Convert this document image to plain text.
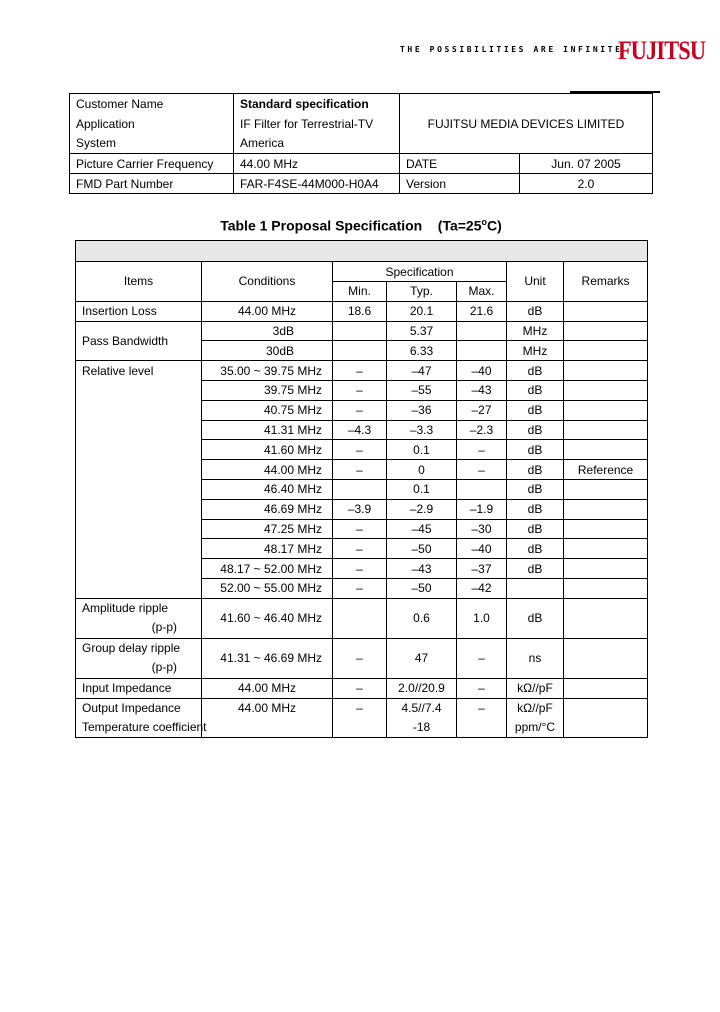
THE POSSIBILITIES ARE INFINITE
FUJITSU
Customer Name	Standard specification	FUJITSU MEDIA DEVICES LIMITED	
Application	IF Filter for Terrestrial-TV		
System	America		
Picture Carrier Frequency	44.00 MHz	DATE	Jun. 07 2005
FMD Part Number	FAR-F4SE-44M000-H0A4	Version	2.0
Table 1 Proposal Specification $(Ta=25^oC)$

Items	Conditions	Specification			Unit	Remarks
		Min.	Typ.	Max.		
Insertion Loss	44.00 MHz	18.6	20.1	21.6	dB	
Pass Bandwidth	3dB		5.37		MHz	
	30dB		6.33		MHz	
Relative level	35.00 ~ 39.75 MHz	–	–47	–40	dB	
	39.75 MHz	–	–55	–43	dB	
	40.75 MHz	–	–36	–27	dB	
	41.31 MHz	–4.3	–3.3	–2.3	dB	
	41.60 MHz	–	0.1	–	dB	
	44.00 MHz	–	0	–	dB	Reference
	46.40 MHz		0.1		dB	
	46.69 MHz	–3.9	–2.9	–1.9	dB	
	47.25 MHz	–	–45	–30	dB	
	48.17 MHz	–	–50	–40	dB	
	48.17 ~ 52.00 MHz	–	–43	–37	dB	
	52.00 ~ 55.00 MHz	–	–50	–42		
Amplitude ripple
(p-p)	41.60 ~ 46.40 MHz		0.6	1.0	dB	
Group delay ripple
(p-p)	41.31 ~ 46.69 MHz	–	47	–	ns	
Input Impedance	44.00 MHz	–	2.0//20.9	–	kΩ//pF	
Output Impedance	44.00 MHz	–	4.5//7.4	–	kΩ//pF	
Temperature coefficient			-18		ppm/°C	
